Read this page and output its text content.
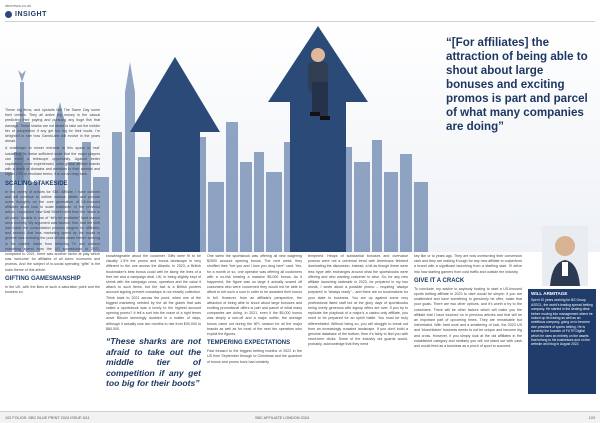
sbcnews.co.uk
INSIGHT
“[For affiliates] the attraction of being able to shout about large bonuses and exciting promos is part and parcel of what many companies are doing”

These big firms, and upstarts like The Same Day some their onlines. They all active big money in the casual predicting their paying and pursuing any huge fish that damage. These sharks are not afraid to take out the middle tier of competition if any get too big for their boots. I’m delighted to see how GambLabs will evolve in the years ahead.

A challenger to newer entrants to this space is ‘real’ sustaining, to these sufficient scale that the major players can exert a telescope opportunity. Against better capitalised, more experienced, older global affiliate brands with a depth of domains and websites in their arsenal and higher CPA or revshare terms, it is not an easy task.

SCALING STAKESIDE

In this variety of articles for SBC Affiliate, I have outlined and will continue to outline various pitfalls and provide some thoughts on the core generation of UK-focused affiliates about how to scale stakeside. In the previous article, I explained ‘new Wall Street’s shift from the “stake to all costs” models to one of “let’s be profitable” hard stance seen recently. My argument was twofold: first, that the shift had made the consolidation process tougher for affiliates; and second, that less marketing spend by the books in general was reducing the pool of total share before seeking in the market. Aside from reducing TV and outdoor marketing spend from the US sportsbooks in 2022, compared to 2021, there was another factor at play which was ‘welcome’ for affiliates of all sizes: economic and promos. And the subject of in-social spending “gifts” is the main theme of this article.

GIFTING GAMESMANSHIP

In the UK, with the likes of such a saturation point and the bookers so

knowledgeable about the customer. Gifts were fit to be visually 1.5% the promo and bonus landscape is very different to the one across the Atlantic. In 2023, a British bookmaker’s best bonus could well be along the lines of a free bet and a campaign deal. UK, in being slightly kept of shrink with the campaign cross, operators and the value it attach to such items, but the fact is a British punters account signing prevent nowadays is not exactly collection. Think back to 2021 across the pond, when one of the biggest marketing needed by the all the giants that was called a sportsbook was a lovely to the highest account opening promo? It fell a sort into the craze of a right terms wove Bitcoin seemingly doubled in a matter of days, although it actually now two months to rise from $30,000 to $60,000.

“These sharks are not afraid to take out the middle tier of competition if any get too big for their boots”

One week the sportsbook was offering all new wagering $2500 account opening bonus. The next week, they shuffled their “bet you and I love you drug here” card. Yes, for a month or so, one operator was offering all customers with a no-risk bearing a massive $5,000 bonus. As it happened, the figure was so large it actually scared off customers who were concerned they would not be able to afford to bet such a sum in order to be awarded their bonus in full. However, from an affiliate’s perspective, the attraction of being able to shout about large bonuses and exciting promotional offers is part and parcel of what many companies are doing. In 2021, even if the $5,000 bonus was simply a one-off and a major outlier, the average bonus came out during the NFL season for all the major brands as well as for most of the next tier operators who exploit the figures.

TEMPERING EXPECTATIONS

Fast forward to the biggest betting months of 2022 in the US from September through to Christmas and the quantum of bonus and promo buzz had certainly

tempered. Heaps of substantial bonuses and overvalue promos were not a universal trend with Americans finished dominating the discussion. Instead, a bit as though these were less hype with exchanges around what the sportsbooks were offering and who wanting customer to wise. So, for any new affiliate launching stateside in 2023, be prepared in my two words, I wrote about a possible promo – requiring ‘always prepared’ in “always ready” – and there are no bookmakers for your state to business. You are up against some very professional listed staff but at the glory days of sportsbooks being overly generous with signup offers are over. If you try to replicate the playbook of a major’s a casino-only affiliate, you need to be prepared for an uphill battle. You must be truly differentiated. Without being so, you will struggle to break out from an increasingly crowded landscape. If you don’t build a genuine database of the bottom, then it’s fairly to find you with short-term clicks. Some of the industry old guards would, probably, acknowledge that they need

key like or to years ago. They are now overturning their conversion rank and they are making it tough for any new affiliate to outperform a brand with a significant launching from a startling start. I’ll delve into how starting gamers from cold traffic and outside the industry.

GIVE IT A CRACK

To conclude, my advice to anybody looking to start a US-focused sports betting affiliate in 2023 to dare would be simple: if you are unattended and have something to genuinely be offer, make that your goals. There are two other options, and it’s worth a try to the customers. There will be other factors which will make you the affiliate that I have touched on in previous articles and that will be an important part of upcoming times. They are remarkable but interrelated. With hard work and a smattering of luck, the 2023 US and ‘bluechildren’ business needs to not be unique and become big and cross. However, if you simply look at the old affiliates in the established category and similarly you will not stand out with cash and would feed as a business as a pinch of sport to succeed.

WILL ARMITAGE
Spent 10 years working for BS Group ASSCL, the world’s leading spread betting company. He started in the dealing desk before moving into management where he looked up its trading as well as an ambitious company, going on to become vice president of sports betting. He is currently the founder of FUTR Digital which he uses an entirely on the assets that belong to his businesses and on the website and blog in August 2022.
102 FOLIOS: SBC BLUE PRINT 2024 ISSUE 5/11	SBC AFFILIATE LONDON 2024	103
